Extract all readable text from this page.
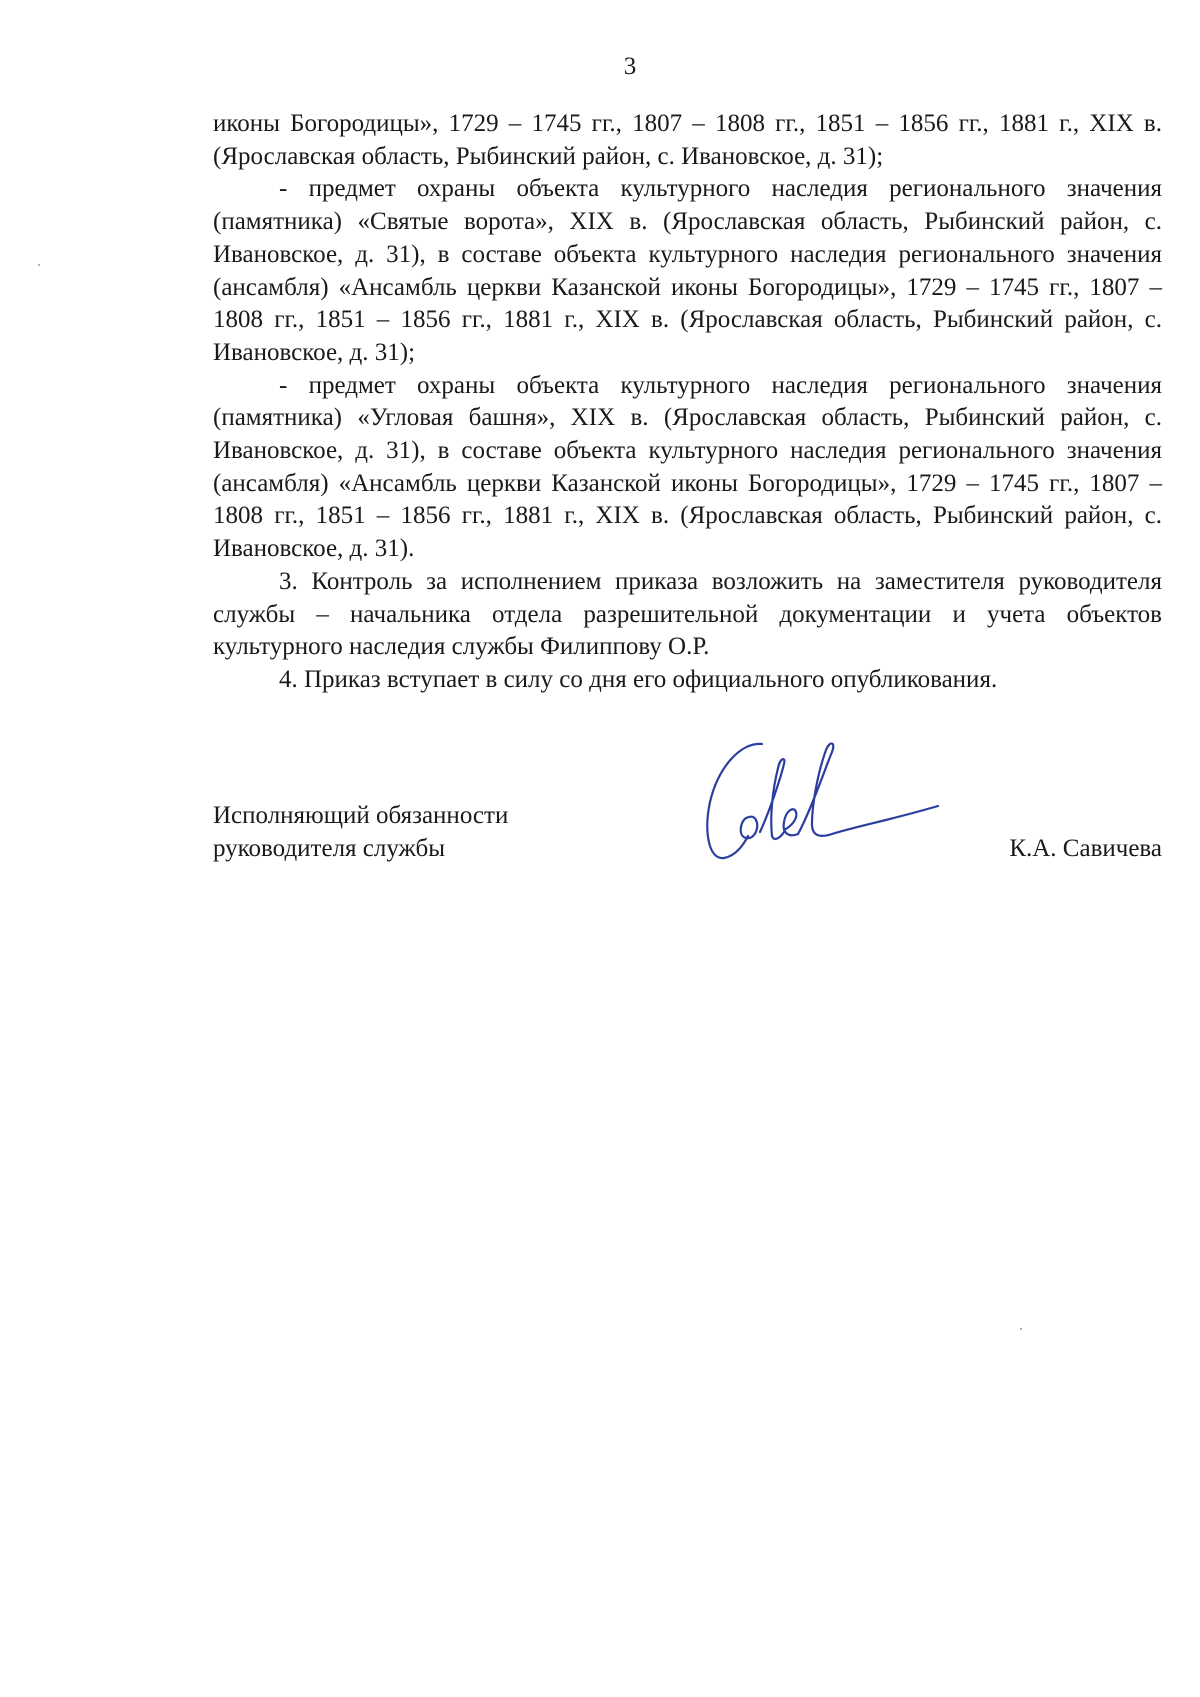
3

иконы Богородицы», 1729 – 1745 гг., 1807 – 1808 гг., 1851 – 1856 гг., 1881 г., XIX в. (Ярославская область, Рыбинский район, с. Ивановское, д. 31);

- предмет охраны объекта культурного наследия регионального значения (памятника) «Святые ворота», XIX в. (Ярославская область, Рыбинский район, с. Ивановское, д. 31), в составе объекта культурного наследия регионального значения (ансамбля) «Ансамбль церкви Казанской иконы Богородицы», 1729 – 1745 гг., 1807 – 1808 гг., 1851 – 1856 гг., 1881 г., XIX в. (Ярославская область, Рыбинский район, с. Ивановское, д. 31);

- предмет охраны объекта культурного наследия регионального значения (памятника) «Угловая башня», XIX в. (Ярославская область, Рыбинский район, с. Ивановское, д. 31), в составе объекта культурного наследия регионального значения (ансамбля) «Ансамбль церкви Казанской иконы Богородицы», 1729 – 1745 гг., 1807 – 1808 гг., 1851 – 1856 гг., 1881 г., XIX в. (Ярославская область, Рыбинский район, с. Ивановское, д. 31).

3. Контроль за исполнением приказа возложить на заместителя руководителя службы – начальника отдела разрешительной документации и учета объектов культурного наследия службы Филиппову О.Р.

4. Приказ вступает в силу со дня его официального опубликования.

Исполняющий обязанности
руководителя службы	К.А. Савичева
